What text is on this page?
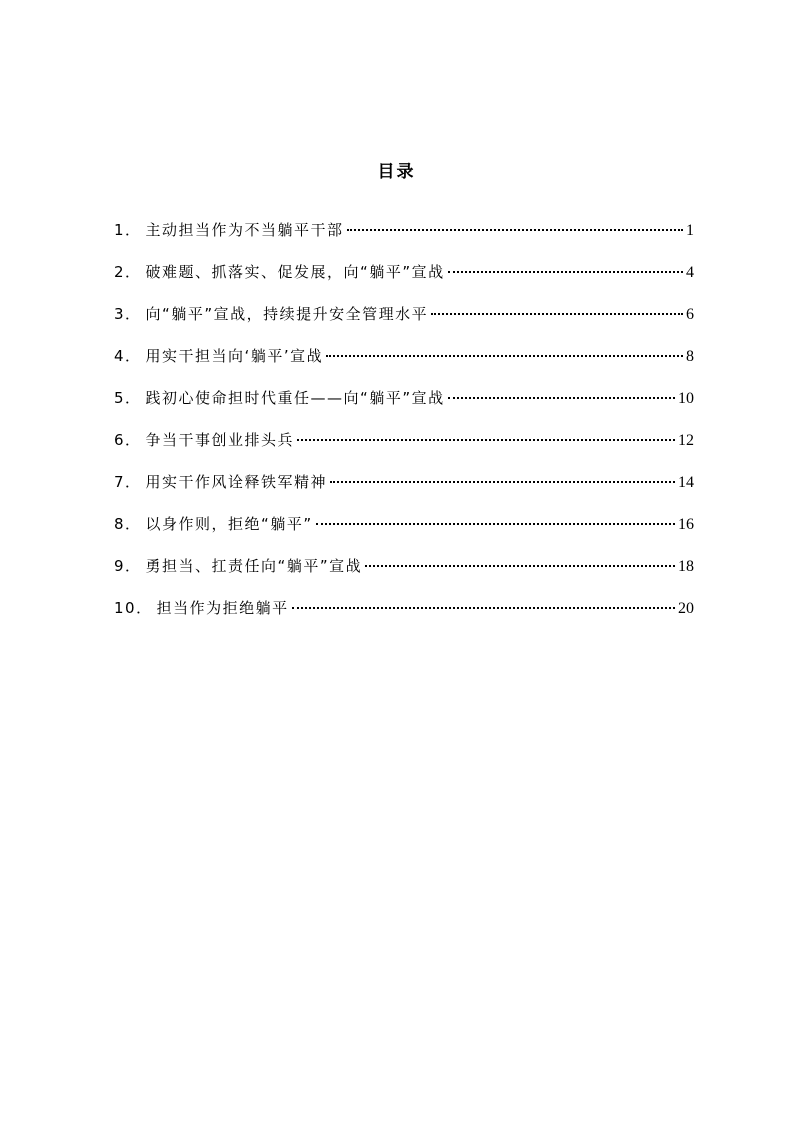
目录
1． 主动担当作为不当躺平干部	1
2． 破难题、抓落实、促发展，向“躺平”宣战	4
3． 向“躺平”宣战，持续提升安全管理水平	6
4． 用实干担当向‘躺平’宣战	8
5． 践初心使命担时代重任——向“躺平”宣战	10
6． 争当干事创业排头兵	12
7． 用实干作风诠释铁军精神	14
8． 以身作则，拒绝“躺平”	16
9． 勇担当、扛责任向“躺平”宣战	18
10． 担当作为拒绝躺平	20
